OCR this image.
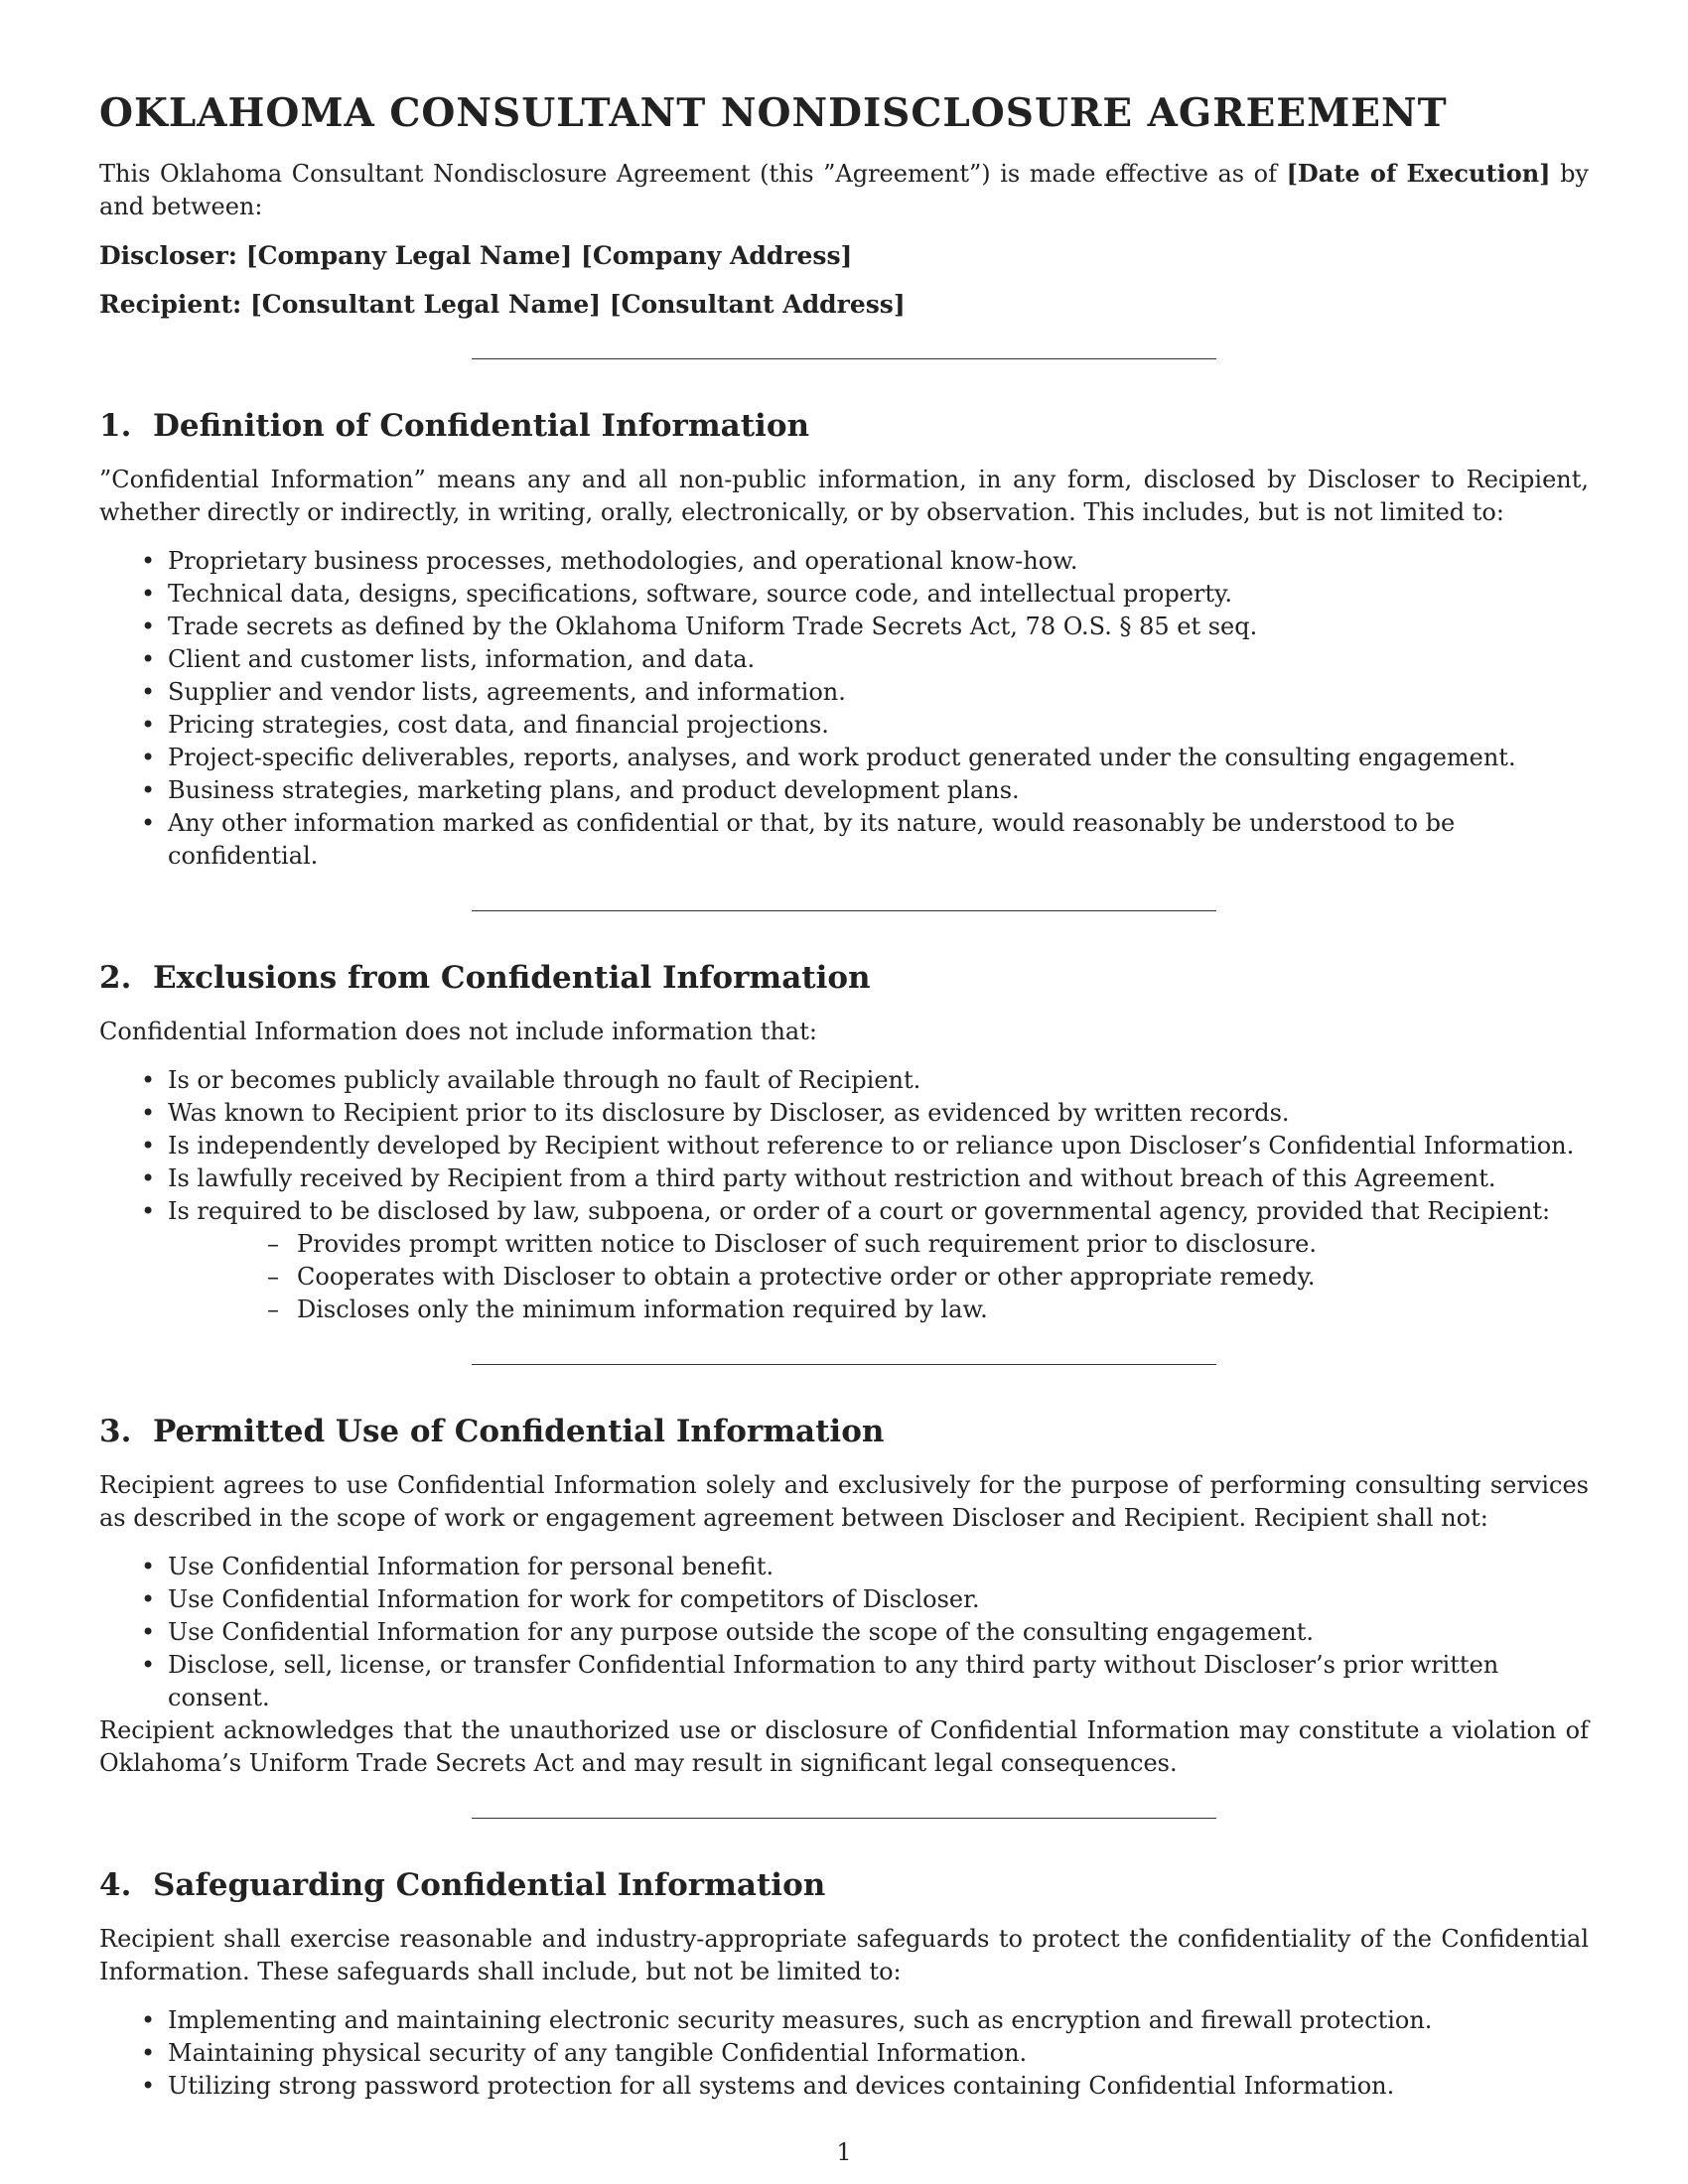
OKLAHOMA CONSULTANT NONDISCLOSURE AGREEMENT

This Oklahoma Consultant Nondisclosure Agreement (this ”Agreement”) is made effective as of [Date of Execution] by and between:

Discloser: [Company Legal Name] [Company Address]
Recipient: [Consultant Legal Name] [Consultant Address]
1. Definition of Confidential Information

”Confidential Information” means any and all non-public information, in any form, disclosed by Discloser to Recipient, whether directly or indirectly, in writing, orally, electronically, or by observation. This includes, but is not limited to:

• Proprietary business processes, methodologies, and operational know-how.
• Technical data, designs, specifications, software, source code, and intellectual property.
• Trade secrets as defined by the Oklahoma Uniform Trade Secrets Act, 78 O.S. § 85 et seq.
• Client and customer lists, information, and data.
• Supplier and vendor lists, agreements, and information.
• Pricing strategies, cost data, and financial projections.
• Project-specific deliverables, reports, analyses, and work product generated under the consulting engagement.
• Business strategies, marketing plans, and product development plans.
• Any other information marked as confidential or that, by its nature, would reasonably be understood to be confidential.
2. Exclusions from Confidential Information

Confidential Information does not include information that:

• Is or becomes publicly available through no fault of Recipient.
• Was known to Recipient prior to its disclosure by Discloser, as evidenced by written records.
• Is independently developed by Recipient without reference to or reliance upon Discloser’s Confidential Information.
• Is lawfully received by Recipient from a third party without restriction and without breach of this Agreement.
• Is required to be disclosed by law, subpoena, or order of a court or governmental agency, provided that Recipient:
– Provides prompt written notice to Discloser of such requirement prior to disclosure.
– Cooperates with Discloser to obtain a protective order or other appropriate remedy.
– Discloses only the minimum information required by law.
3. Permitted Use of Confidential Information

Recipient agrees to use Confidential Information solely and exclusively for the purpose of performing consulting services as described in the scope of work or engagement agreement between Discloser and Recipient. Recipient shall not:

• Use Confidential Information for personal benefit.
• Use Confidential Information for work for competitors of Discloser.
• Use Confidential Information for any purpose outside the scope of the consulting engagement.
• Disclose, sell, license, or transfer Confidential Information to any third party without Discloser’s prior written consent.

Recipient acknowledges that the unauthorized use or disclosure of Confidential Information may constitute a violation of Oklahoma’s Uniform Trade Secrets Act and may result in significant legal consequences.

4. Safeguarding Confidential Information

Recipient shall exercise reasonable and industry-appropriate safeguards to protect the confidentiality of the Confidential Information. These safeguards shall include, but not be limited to:

• Implementing and maintaining electronic security measures, such as encryption and firewall protection.
• Maintaining physical security of any tangible Confidential Information.
• Utilizing strong password protection for all systems and devices containing Confidential Information.
1
